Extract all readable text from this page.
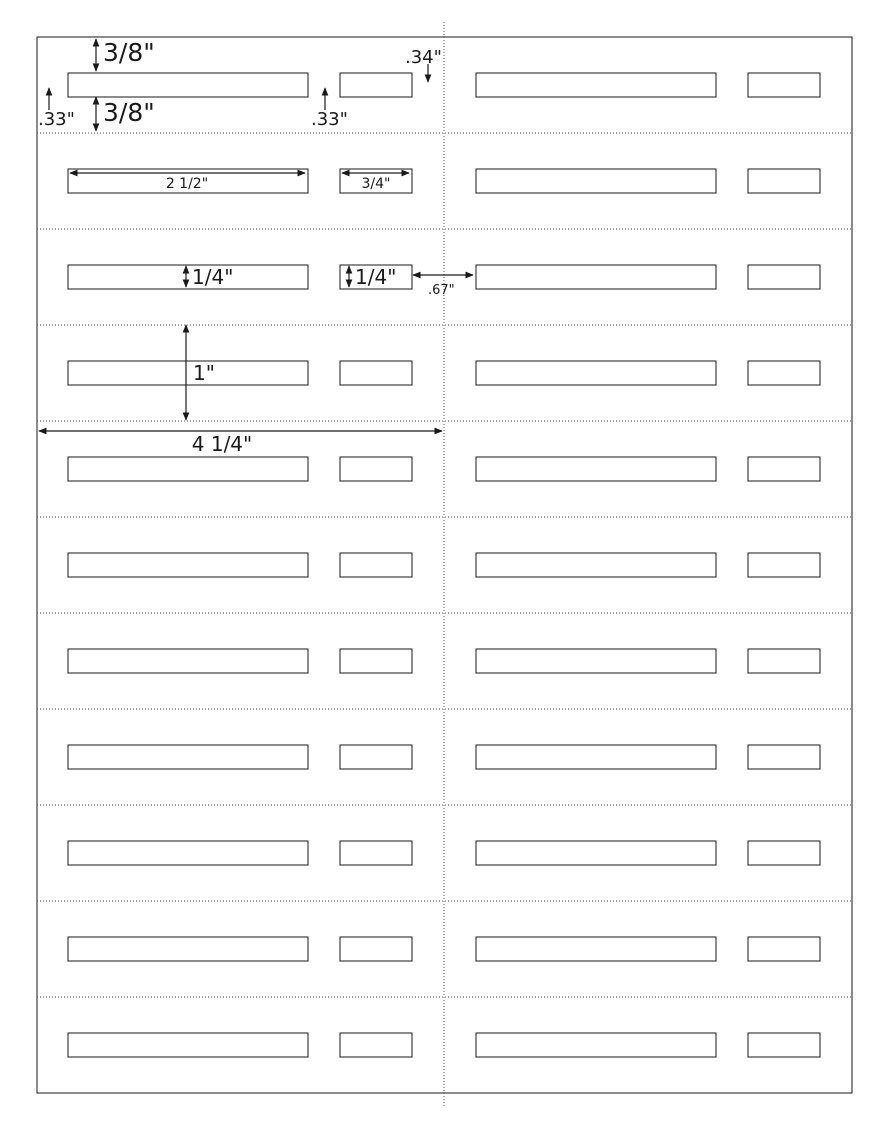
3/8"
3/8"
.33"	.33"
.34"
2 1/2"	3/4"
1/4"	1/4"
.67"
1"
4 1/4"
